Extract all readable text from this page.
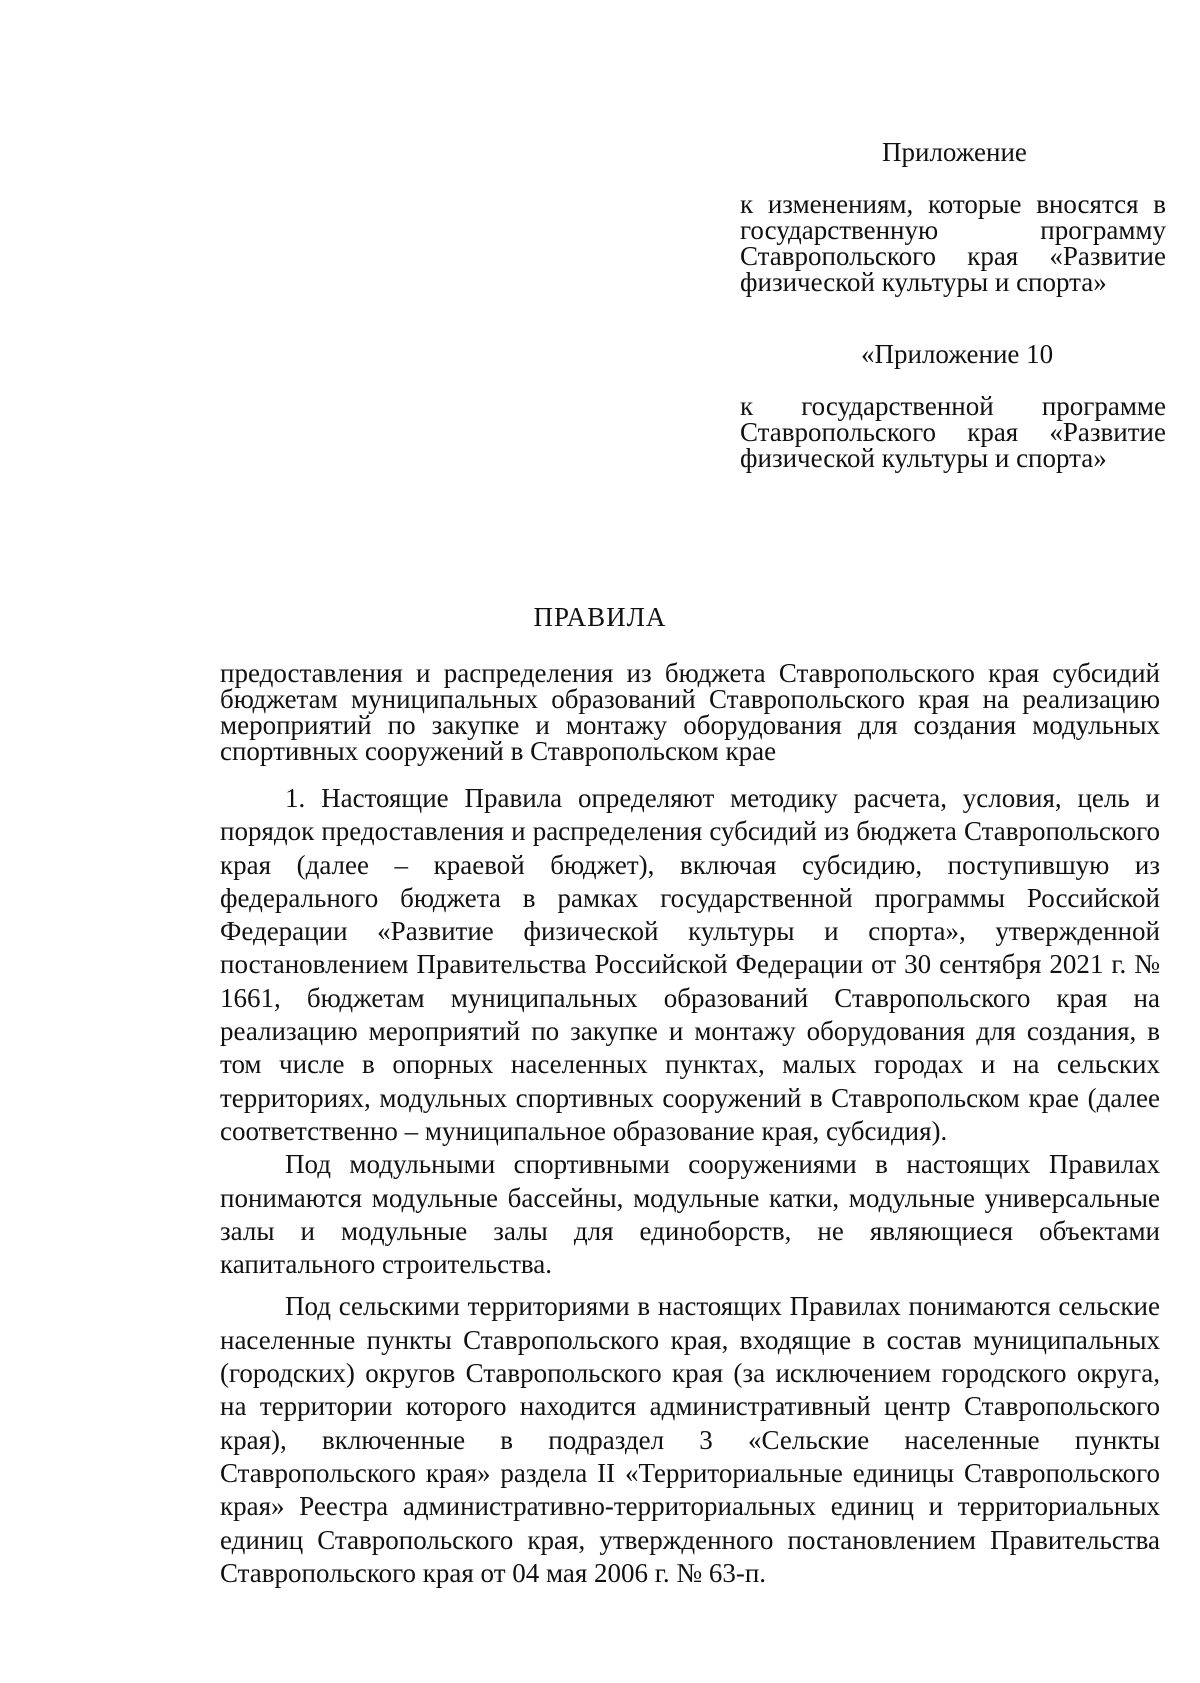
Приложение
к изменениям, которые вносятся в государственную программу Ставропольского края «Развитие физической культуры и спорта»
«Приложение 10
к государственной программе Ставропольского края «Развитие физической культуры и спорта»
ПРАВИЛА
предоставления и распределения из бюджета Ставропольского края субсидий бюджетам муниципальных образований Ставропольского края на реализацию мероприятий по закупке и монтажу оборудования для создания модульных спортивных сооружений в Ставропольском крае

1. Настоящие Правила определяют методику расчета, условия, цель и порядок предоставления и распределения субсидий из бюджета Ставропольского края (далее – краевой бюджет), включая субсидию, поступившую из федерального бюджета в рамках государственной программы Российской Федерации «Развитие физической культуры и спорта», утвержденной постановлением Правительства Российской Федерации от 30 сентября 2021 г. № 1661, бюджетам муниципальных образований Ставропольского края на реализацию мероприятий по закупке и монтажу оборудования для создания, в том числе в опорных населенных пунктах, малых городах и на сельских территориях, модульных спортивных сооружений в Ставропольском крае (далее соответственно – муниципальное образование края, субсидия).

Под модульными спортивными сооружениями в настоящих Правилах понимаются модульные бассейны, модульные катки, модульные универсальные залы и модульные залы для единоборств, не являющиеся объектами капитального строительства.

Под сельскими территориями в настоящих Правилах понимаются сельские населенные пункты Ставропольского края, входящие в состав муниципальных (городских) округов Ставропольского края (за исключением городского округа, на территории которого находится административный центр Ставропольского края), включенные в подраздел 3 «Сельские населенные пункты Ставропольского края» раздела II «Территориальные единицы Ставропольского края» Реестра административно-территориальных единиц и территориальных единиц Ставропольского края, утвержденного постановлением Правительства Ставропольского края от 04 мая 2006 г. № 63-п.
